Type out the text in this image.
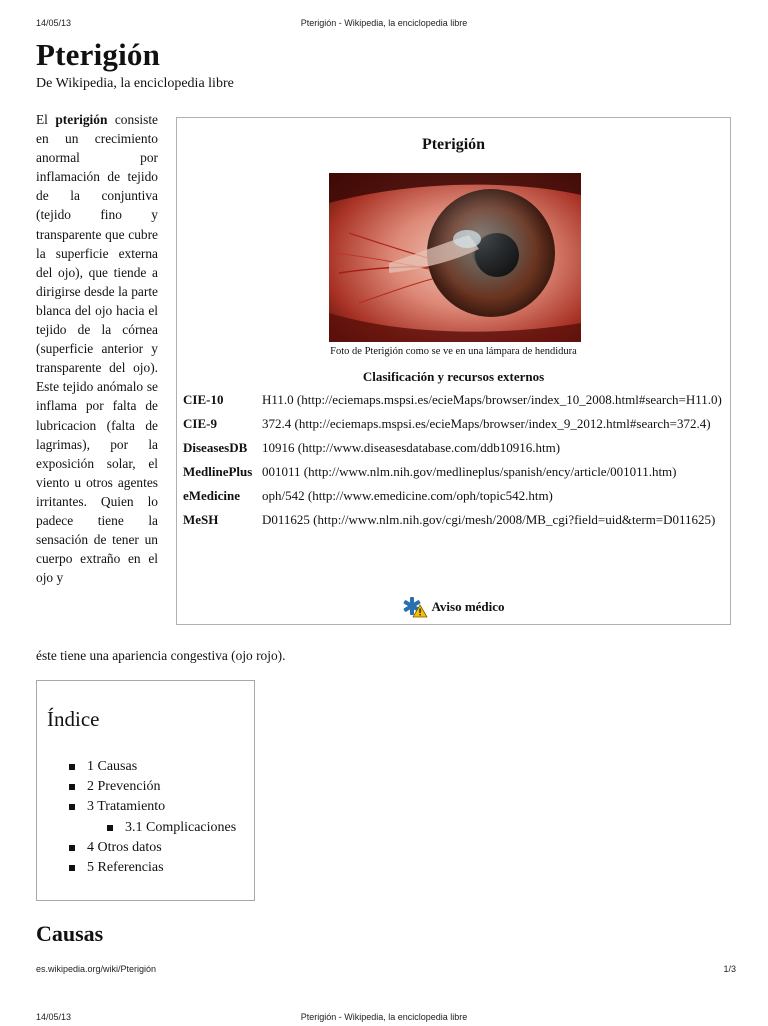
14/05/13	Pterigión - Wikipedia, la enciclopedia libre
Pterigión
De Wikipedia, la enciclopedia libre
El pterigión consiste en un crecimiento anormal por inflamación de tejido de la conjuntiva (tejido fino y transparente que cubre la superficie externa del ojo), que tiende a dirigirse desde la parte blanca del ojo hacia el tejido de la córnea (superficie anterior y transparente del ojo). Este tejido anómalo se inflama por falta de lubricacion (falta de lagrimas), por la exposición solar, el viento u otros agentes irritantes. Quien lo padece tiene la sensación de tener un cuerpo extraño en el ojo y
éste tiene una apariencia congestiva (ojo rojo).
Pterigión
Foto de Pterigión como se ve en una lámpara de hendidura
Clasificación y recursos externos
CIE-10	H11.0 (http://eciemaps.mspsi.es/ecieMaps/browser/index_10_2008.html#search=H11.0)
CIE-9	372.4 (http://eciemaps.mspsi.es/ecieMaps/browser/index_9_2012.html#search=372.4)
DiseasesDB	10916 (http://www.diseasesdatabase.com/ddb10916.htm)
MedlinePlus 001011 (http://www.nlm.nih.gov/medlineplus/spanish/ency/article/001011.htm)
eMedicine	oph/542 (http://www.emedicine.com/oph/topic542.htm)
MeSH	D011625 (http://www.nlm.nih.gov/cgi/mesh/2008/MB_cgi?field=uid&term=D011625)
Aviso médico
Índice
1 Causas
2 Prevención
3 Tratamiento
3.1 Complicaciones
4 Otros datos
5 Referencias
Causas
es.wikipedia.org/wiki/Pterigión	1/3
14/05/13	Pterigión - Wikipedia, la enciclopedia libre
